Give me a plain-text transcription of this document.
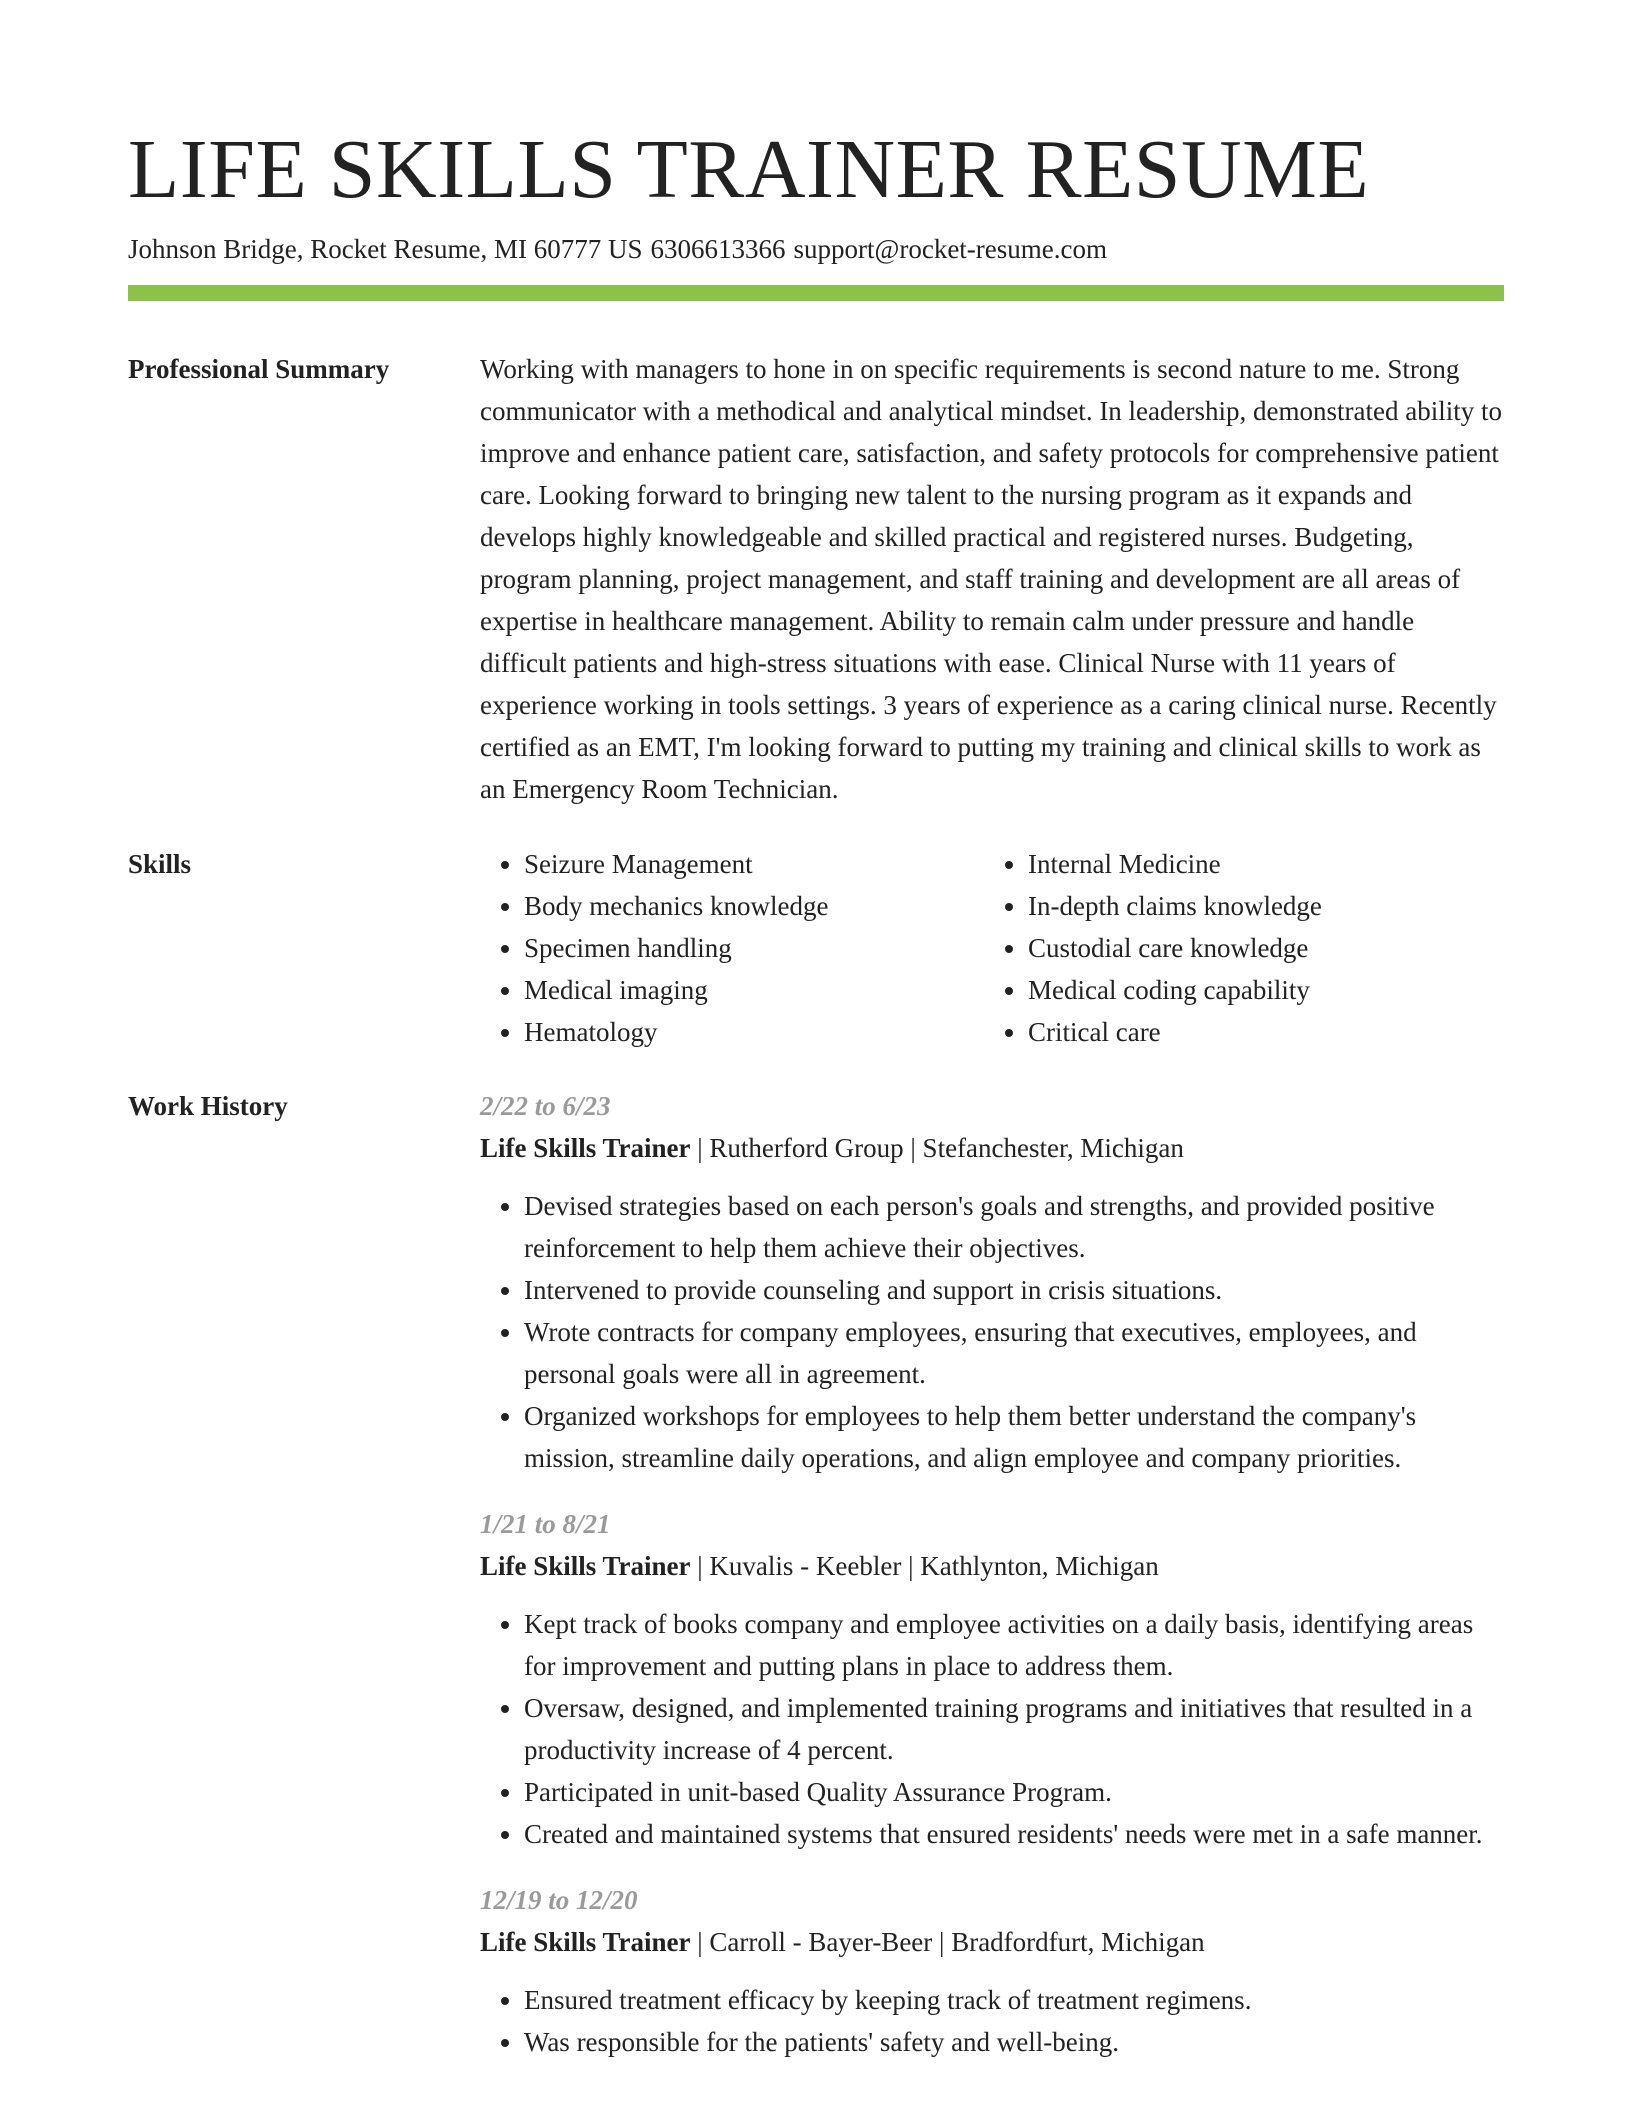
LIFE SKILLS TRAINER RESUME
Johnson Bridge, Rocket Resume, MI 60777 US 6306613366 support@rocket-resume.com
Professional Summary	Working with managers to hone in on specific requirements is second nature to me. Strong communicator with a methodical and analytical mindset. In leadership, demonstrated ability to improve and enhance patient care, satisfaction, and safety protocols for comprehensive patient care. Looking forward to bringing new talent to the nursing program as it expands and develops highly knowledgeable and skilled practical and registered nurses. Budgeting, program planning, project management, and staff training and development are all areas of expertise in healthcare management. Ability to remain calm under pressure and handle difficult patients and high-stress situations with ease. Clinical Nurse with 11 years of experience working in tools settings. 3 years of experience as a caring clinical nurse. Recently certified as an EMT, I'm looking forward to putting my training and clinical skills to work as an Emergency Room Technician.

Skills
•	Seizure Management
• Body mechanics knowledge
• Specimen handling
• Medical imaging
• Hematology
• Internal Medicine
• In-depth claims knowledge
• Custodial care knowledge
• Medical coding capability
• Critical care
Work History	2/22 to 6/23
Life Skills Trainer | Rutherford Group | Stefanchester, Michigan
• Devised strategies based on each person's goals and strengths, and provided positive reinforcement to help them achieve their objectives.
• Intervened to provide counseling and support in crisis situations.
• Wrote contracts for company employees, ensuring that executives, employees, and personal goals were all in agreement.
• Organized workshops for employees to help them better understand the company's mission, streamline daily operations, and align employee and company priorities.
1/21 to 8/21
Life Skills Trainer | Kuvalis - Keebler | Kathlynton, Michigan
• Kept track of books company and employee activities on a daily basis, identifying areas for improvement and putting plans in place to address them.
• Oversaw, designed, and implemented training programs and initiatives that resulted in a productivity increase of 4 percent.
• Participated in unit-based Quality Assurance Program.
• Created and maintained systems that ensured residents' needs were met in a safe manner.
12/19 to 12/20
Life Skills Trainer | Carroll - Bayer-Beer | Bradfordfurt, Michigan
• Ensured treatment efficacy by keeping track of treatment regimens.
• Was responsible for the patients' safety and well-being.
